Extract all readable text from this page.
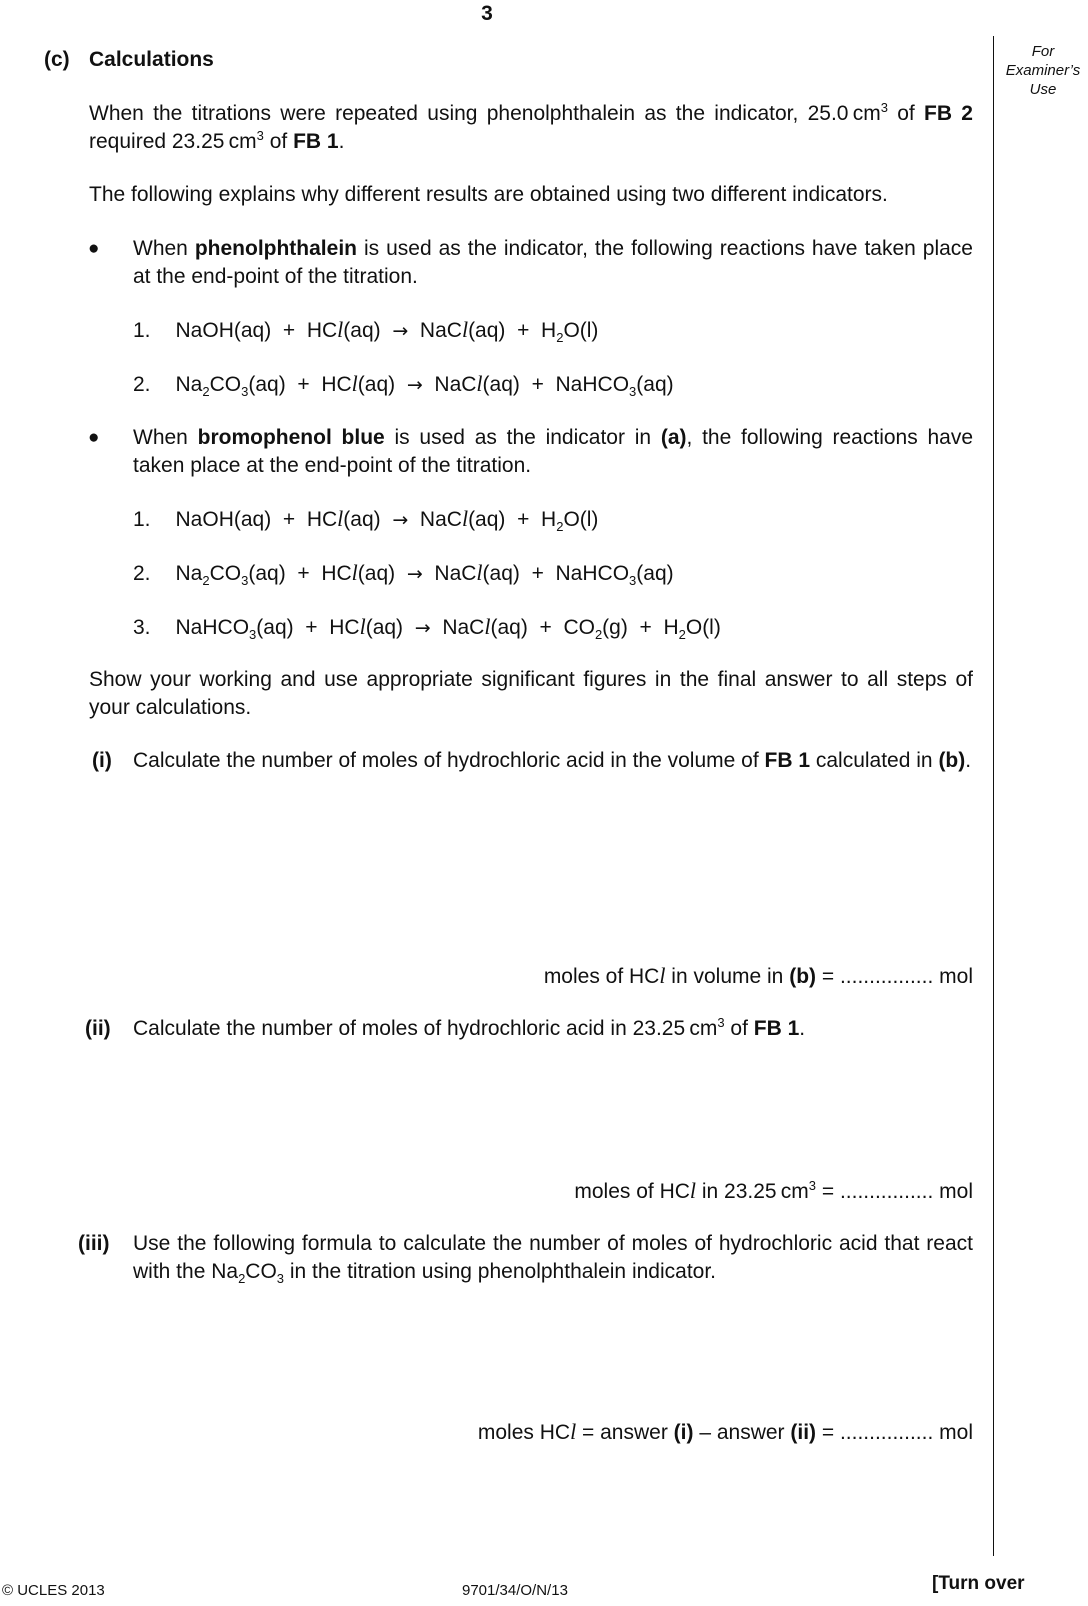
3
For
Examiner’s
Use
(c) Calculations
When the titrations were repeated using phenolphthalein as the indicator, 25.0 $cm^3$ of FB 2 required 23.25 $cm^3$ of FB 1.
The following explains why different results are obtained using two different indicators.
● When phenolphthalein is used as the indicator, the following reactions have taken place at the end-point of the titration.
1. NaOH(aq) + HCl(aq) → NaCl(aq) + $H_2O(l)$
2. $Na_2CO_3(aq) + HCl(aq)$ → NaCl(aq) + NaHCO$_3$(aq)
● When bromophenol blue is used as the indicator in (a), the following reactions have taken place at the end-point of the titration.
1. NaOH(aq) + HCl(aq) → NaCl(aq) + $H_2O(l)$
2. $Na_2CO_3(aq) + HCl(aq)$ → NaCl(aq) + NaHCO$_3$(aq)
3. NaHCO$_3$(aq) + HCl(aq) → NaCl(aq) + $CO_2(g) + H_2O(l)$
Show your working and use appropriate significant figures in the final answer to all steps of your calculations.
(i) Calculate the number of moles of hydrochloric acid in the volume of FB 1 calculated in (b).
moles of HCl in volume in (b) = ................ mol
(ii) Calculate the number of moles of hydrochloric acid in 23.25 $cm^3$ of FB 1.
moles of HCl in 23.25 $cm^3$ = ................ mol
(iii) Use the following formula to calculate the number of moles of hydrochloric acid that react with the $Na_2CO_3$ in the titration using phenolphthalein indicator.
moles HCl = answer (i) – answer (ii) = ................ mol
© UCLES 2013	9701/34/O/N/13	[Turn over
